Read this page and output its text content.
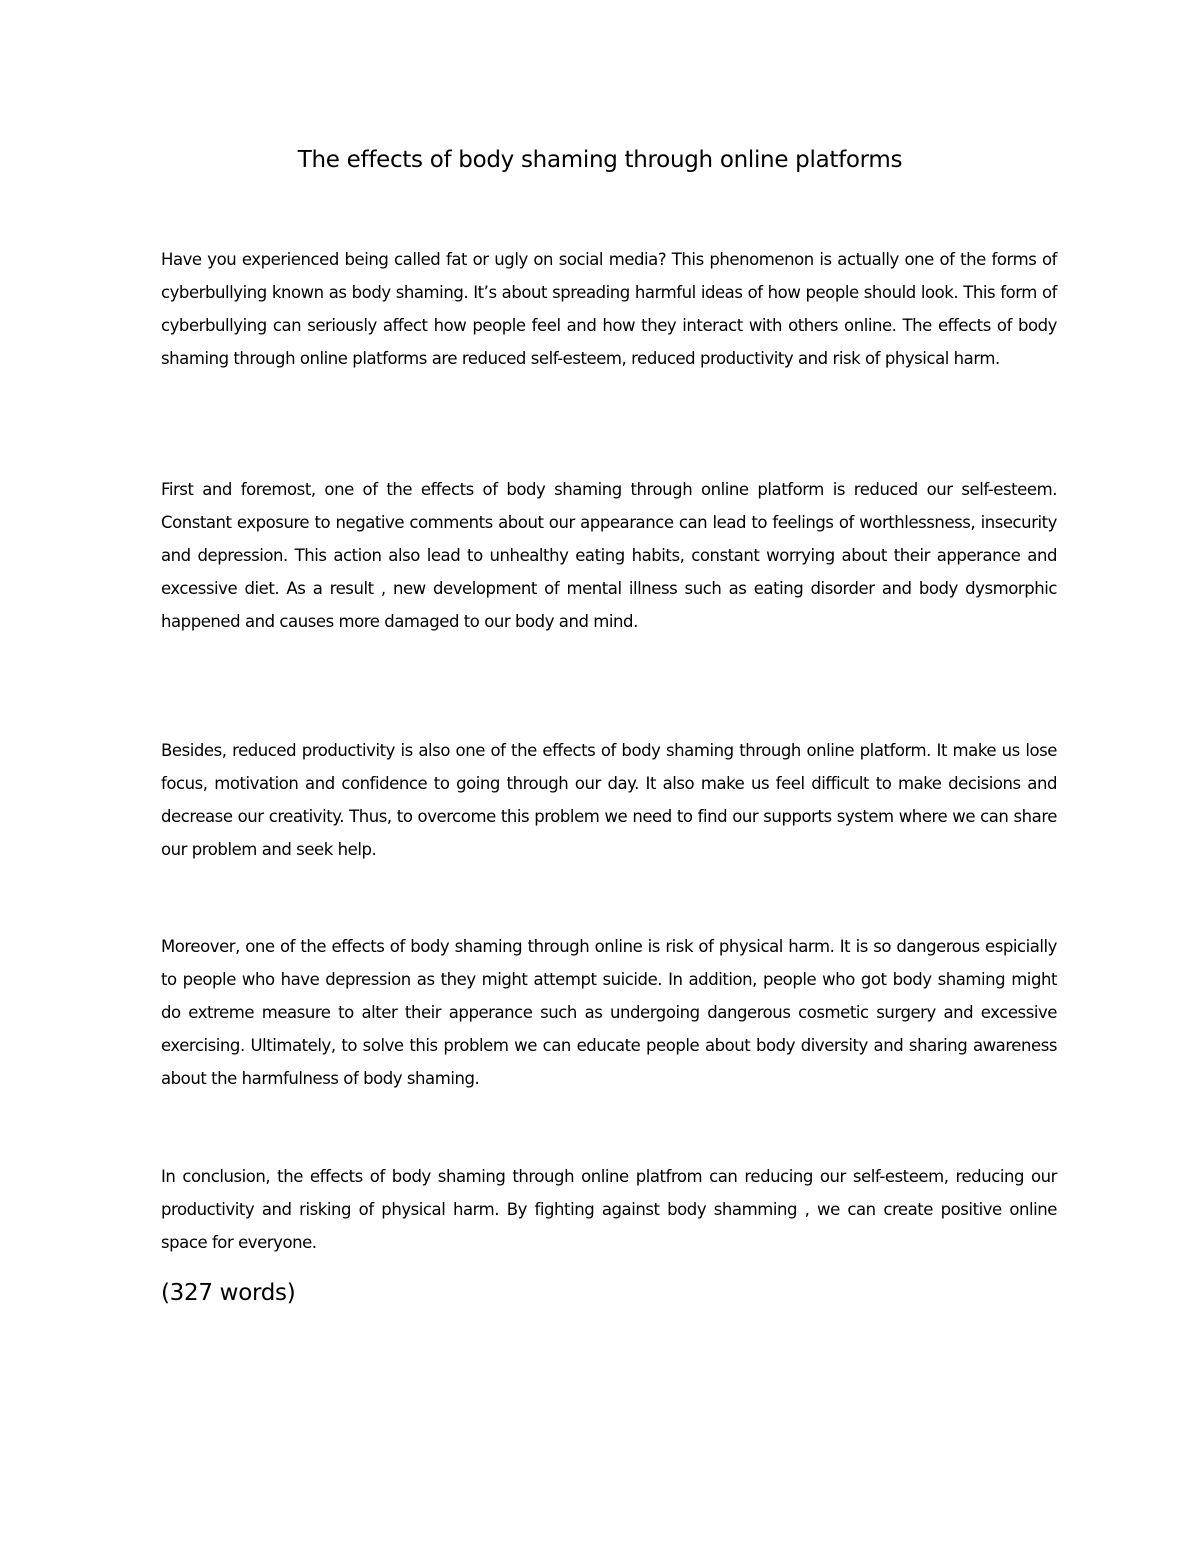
The effects of body shaming through online platforms

Have you experienced being called fat or ugly on social media? This phenomenon is actually one of the forms of cyberbullying known as body shaming. It’s about spreading harmful ideas of how people should look. This form of cyberbullying can seriously affect how people feel and how they interact with others online. The effects of body shaming through online platforms are reduced self-esteem, reduced productivity and risk of physical harm.

First and foremost, one of the effects of body shaming through online platform is reduced our self-esteem. Constant exposure to negative comments about our appearance can lead to feelings of worthlessness, insecurity and depression. This action also lead to unhealthy eating habits, constant worrying about their apperance and excessive diet. As a result , new development of mental illness such as eating disorder and body dysmorphic happened and causes more damaged to our body and mind.

Besides, reduced productivity is also one of the effects of body shaming through online platform. It make us lose focus, motivation and confidence to going through our day. It also make us feel difficult to make decisions and decrease our creativity. Thus, to overcome this problem we need to find our supports system where we can share our problem and seek help.

Moreover, one of the effects of body shaming through online is risk of physical harm. It is so dangerous espicially to people who have depression as they might attempt suicide. In addition, people who got body shaming might do extreme measure to alter their apperance such as undergoing dangerous cosmetic surgery and excessive exercising. Ultimately, to solve this problem we can educate people about body diversity and sharing awareness about the harmfulness of body shaming.

In conclusion, the effects of body shaming through online platfrom can reducing our self-esteem, reducing our productivity and risking of physical harm. By fighting against body shamming , we can create positive online space for everyone.

(327 words)
